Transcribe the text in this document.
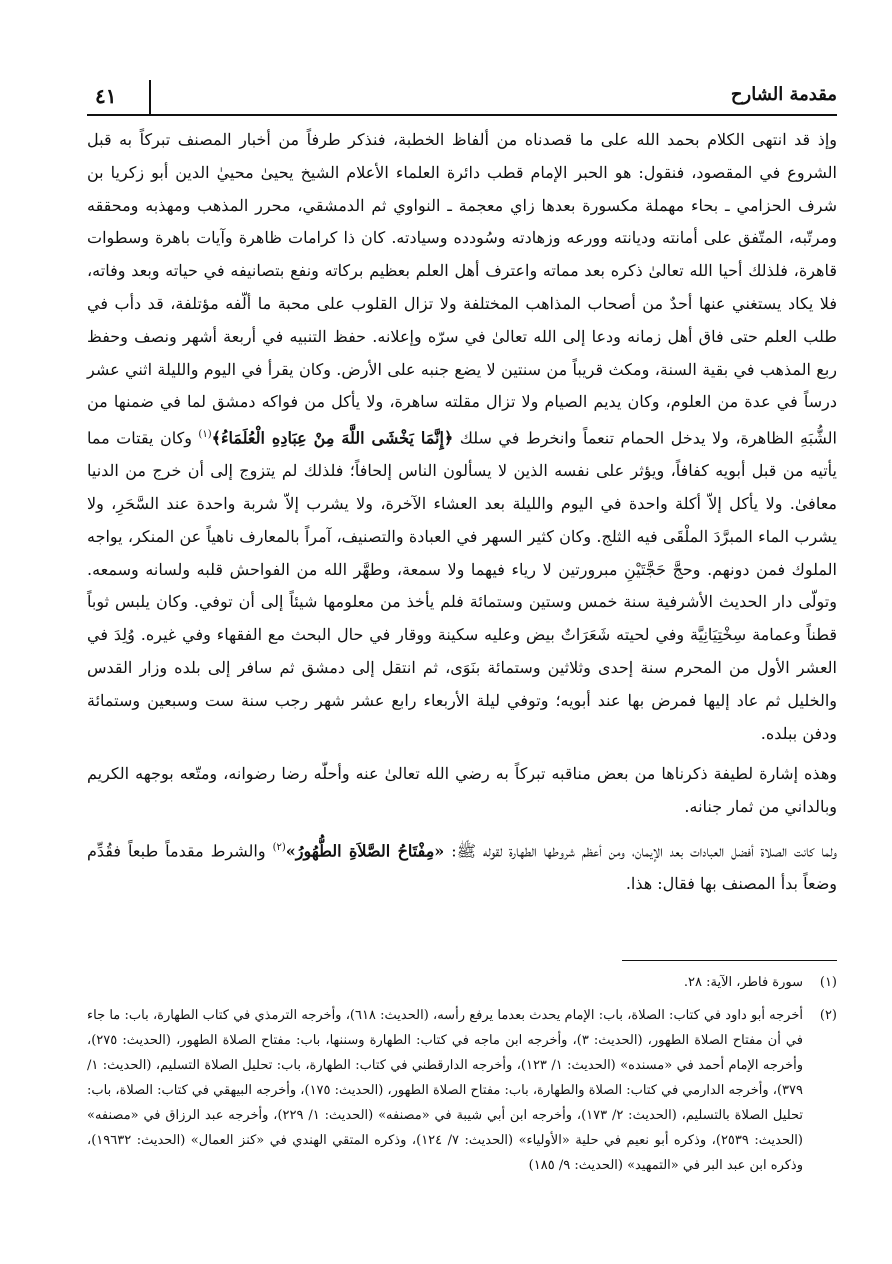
مقدمة الشارح
٤١

وإذ قد انتهى الكلام بحمد الله على ما قصدناه من ألفاظ الخطبة، فنذكر طرفاً من أخبار المصنف تبركاً به قبل الشروع في المقصود، فنقول: هو الحبر الإمام قطب دائرة العلماء الأعلام الشيخ يحيىٰ محييٰ الدين أبو زكريا بن شرف الحزامي ـ بحاء مهملة مكسورة بعدها زاي معجمة ـ النواوي ثم الدمشقي، محرر المذهب ومهذبه ومحققه ومرتّبه، المتّفق على أمانته وديانته وورعه وزهادته وسُودده وسيادته. كان ذا كرامات ظاهرة وآيات باهرة وسطوات قاهرة، فلذلك أحيا الله تعالىٰ ذكره بعد مماته واعترف أهل العلم بعظيم بركاته ونفع بتصانيفه في حياته وبعد وفاته، فلا يكاد يستغني عنها أحدٌ من أصحاب المذاهب المختلفة ولا تزال القلوب على محبة ما ألّفه مؤتلفة، قد دأب في طلب العلم حتى فاق أهل زمانه ودعا إلى الله تعالىٰ في سرّه وإعلانه. حفظ التنبيه في أربعة أشهر ونصف وحفظ ربع المذهب في بقية السنة، ومكث قريباً من سنتين لا يضع جنبه على الأرض. وكان يقرأ في اليوم والليلة اثني عشر درساً في عدة من العلوم، وكان يديم الصيام ولا تزال مقلته ساهرة، ولا يأكل من فواكه دمشق لما في ضمنها من الشُّبَهِ الظاهرة، ولا يدخل الحمام تنعماً وانخرط في سلك ﴿إِنَّمَا يَخْشَى اللَّهَ مِنْ عِبَادِهِ الْعُلَمَاءُ﴾$^{(١)}$ وكان يقتات مما يأتيه من قبل أبويه كفافاً، ويؤثر على نفسه الذين لا يسألون الناس إلحافاً؛ فلذلك لم يتزوج إلى أن خرج من الدنيا معافىٰ. ولا يأكل إلاّ أكلة واحدة في اليوم والليلة بعد العشاء الآخرة، ولا يشرب إلاّ شربة واحدة عند السَّحَرِ، ولا يشرب الماء المبرَّدَ الملْقَى فيه الثلج. وكان كثير السهر في العبادة والتصنيف، آمراً بالمعارف ناهياً عن المنكر، يواجه الملوك فمن دونهم. وحجَّ حَجَّتَيْنِ مبرورتين لا رياء فيهما ولا سمعة، وطهَّر الله من الفواحش قلبه ولسانه وسمعه. وتولّى دار الحديث الأشرفية سنة خمس وستين وستمائة فلم يأخذ من معلومها شيئاً إلى أن توفي. وكان يلبس ثوباً قطناً وعمامة سِخْتِيَانِيَّة وفي لحيته شَعَرَاتٌ بيض وعليه سكينة ووقار في حال البحث مع الفقهاء وفي غيره. وُلِدَ في العشر الأول من المحرم سنة إحدى وثلاثين وستمائة بنَوَى، ثم انتقل إلى دمشق ثم سافر إلى بلده وزار القدس والخليل ثم عاد إليها فمرض بها عند أبويه؛ وتوفي ليلة الأربعاء رابع عشر شهر رجب سنة ست وسبعين وستمائة ودفن ببلده.

وهذه إشارة لطيفة ذكرناها من بعض مناقبه تبركاً به رضي الله تعالىٰ عنه وأحلّه رضا رضوانه، ومتّعه بوجهه الكريم وبالداني من ثمار جنانه.

ولما كانت الصلاة أفضل العبادات بعد الإيمان، ومن أعظم شروطها الطهارة لقوله ﷺ: «مِفْتَاحُ الصَّلاَةِ الطُّهُورُ»$^{(٢)}$ والشرط مقدماً طبعاً فقُدِّم وضعاً بدأ المصنف بها فقال: هذا.

(١)
سورة فاطر، الآية: ٢٨.
(٢)
أخرجه أبو داود في كتاب: الصلاة، باب: الإمام يحدث بعدما يرفع رأسه، (الحديث: ٦١٨)، وأخرجه الترمذي في كتاب الطهارة، باب: ما جاء في أن مفتاح الصلاة الطهور، (الحديث: ٣)، وأخرجه ابن ماجه في كتاب: الطهارة وسننها، باب: مفتاح الصلاة الطهور، (الحديث: ٢٧٥)، وأخرجه الإمام أحمد في «مسنده» (الحديث: ١/ ١٢٣)، وأخرجه الدارقطني في كتاب: الطهارة، باب: تحليل الصلاة التسليم، (الحديث: ١/ ٣٧٩)، وأخرجه الدارمي في كتاب: الصلاة والطهارة، باب: مفتاح الصلاة الطهور، (الحديث: ١٧٥)، وأخرجه البيهقي في كتاب: الصلاة، باب: تحليل الصلاة بالتسليم، (الحديث: ٢/ ١٧٣)، وأخرجه ابن أبي شيبة في «مصنفه» (الحديث: ١/ ٢٢٩)، وأخرجه عبد الرزاق في «مصنفه» (الحديث: ٢٥٣٩)، وذكره أبو نعيم في حلية «الأولياء» (الحديث: ٧/ ١٢٤)، وذكره المتقي الهندي في «كنز العمال» (الحديث: ١٩٦٣٢)، وذكره ابن عبد البر في «التمهيد» (الحديث: ٩/ ١٨٥)
